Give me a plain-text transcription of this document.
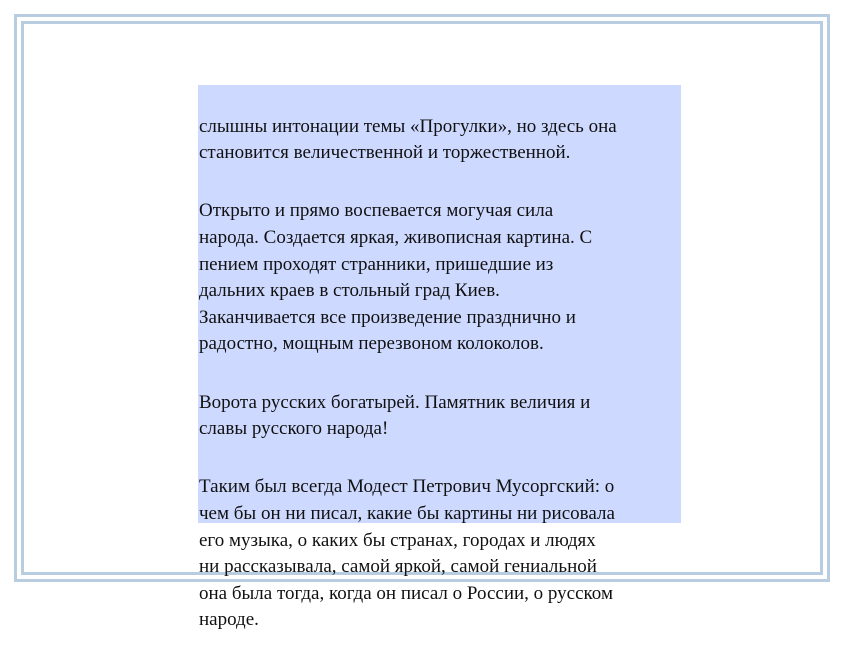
слышны интонации темы «Прогулки», но здесь она
становится величественной и торжественной.

Открыто и прямо воспевается могучая сила
народа. Создается яркая, живописная картина. С
пением проходят странники, пришедшие из
дальних краев в стольный град Киев.
Заканчивается все произведение празднично и
радостно, мощным перезвоном колоколов.

Ворота русских богатырей. Памятник величия и
славы русского народа!

Таким был всегда Модест Петрович Мусоргский: о
чем бы он ни писал, какие бы картины ни рисовала
его музыка, о каких бы странах, городах и людях
ни рассказывала, самой яркой, самой гениальной
она была тогда, когда он писал о России, о русском
народе.
